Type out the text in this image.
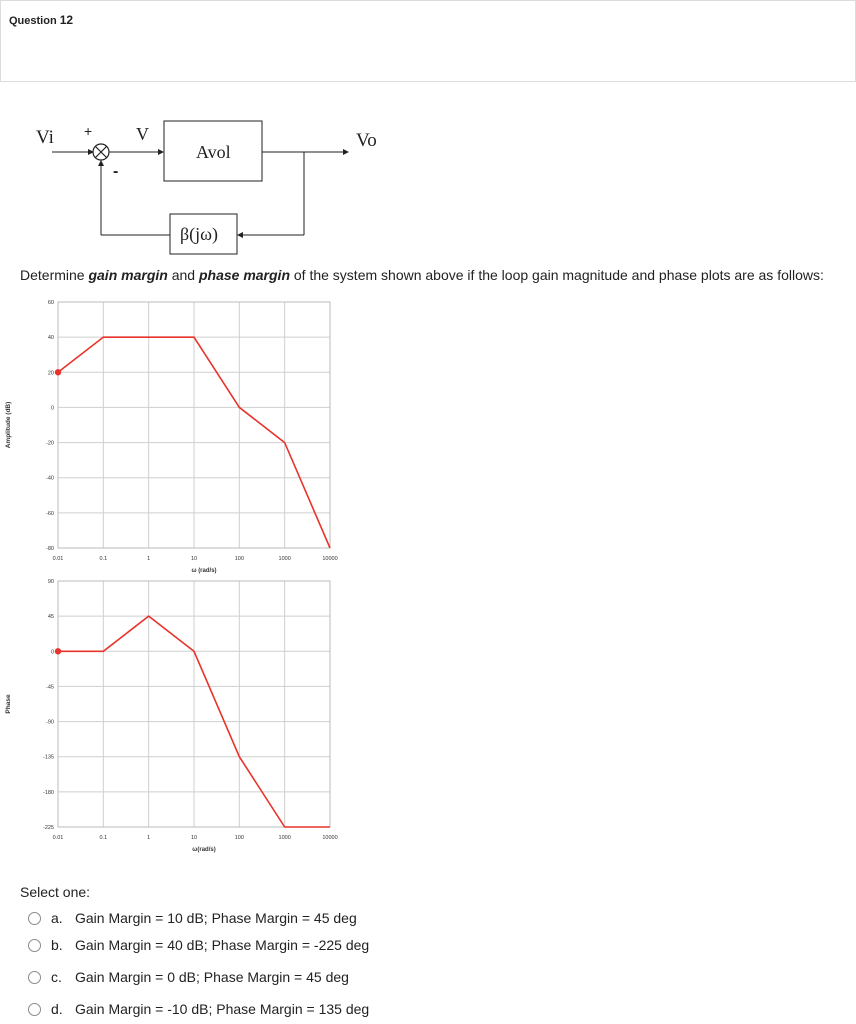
Question 12
Vi + V
Avol
Vo
β(jω)
-
Determine gain margin and phase margin of the system shown above if the loop gain magnitude and phase plots are as follows:
0.01	0.1	1	10	100	1000	10000
60
40
20
0
-20
-40
-60
-80
ω (rad/s)
Amplitude (dB)
0.01	0.1	1	10	100	1000	10000
90
45
0
-45
-90
-135
-180
-225
ω(rad/s)
Phase
Select one:
a. Gain Margin = 10 dB; Phase Margin = 45 deg
b. Gain Margin = 40 dB; Phase Margin = -225 deg
c. Gain Margin = 0 dB; Phase Margin = 45 deg
d. Gain Margin = -10 dB; Phase Margin = 135 deg
